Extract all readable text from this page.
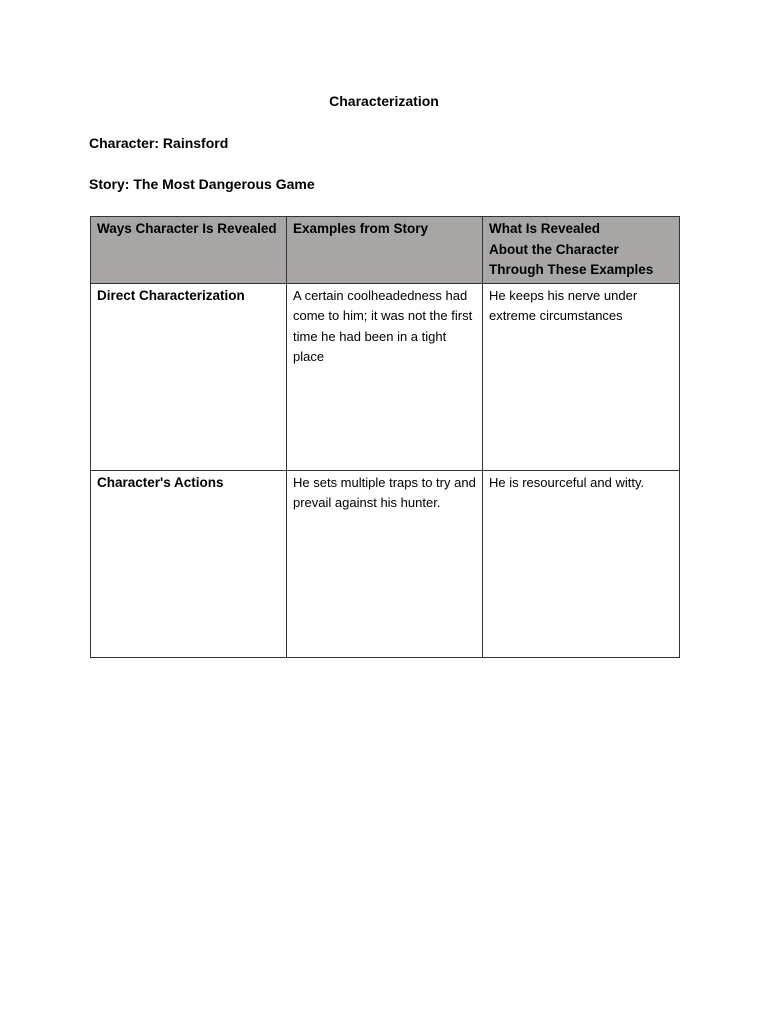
Characterization
Character: Rainsford
Story: The Most Dangerous Game
Ways Character Is Revealed	Examples from Story	What Is Revealed
About the Character
Through These Examples
Direct Characterization	A certain coolheadedness had come to him; it was not the first time he had been in a tight place	He keeps his nerve under extreme circumstances
Character's Actions	He sets multiple traps to try and prevail against his hunter.	He is resourceful and witty.
